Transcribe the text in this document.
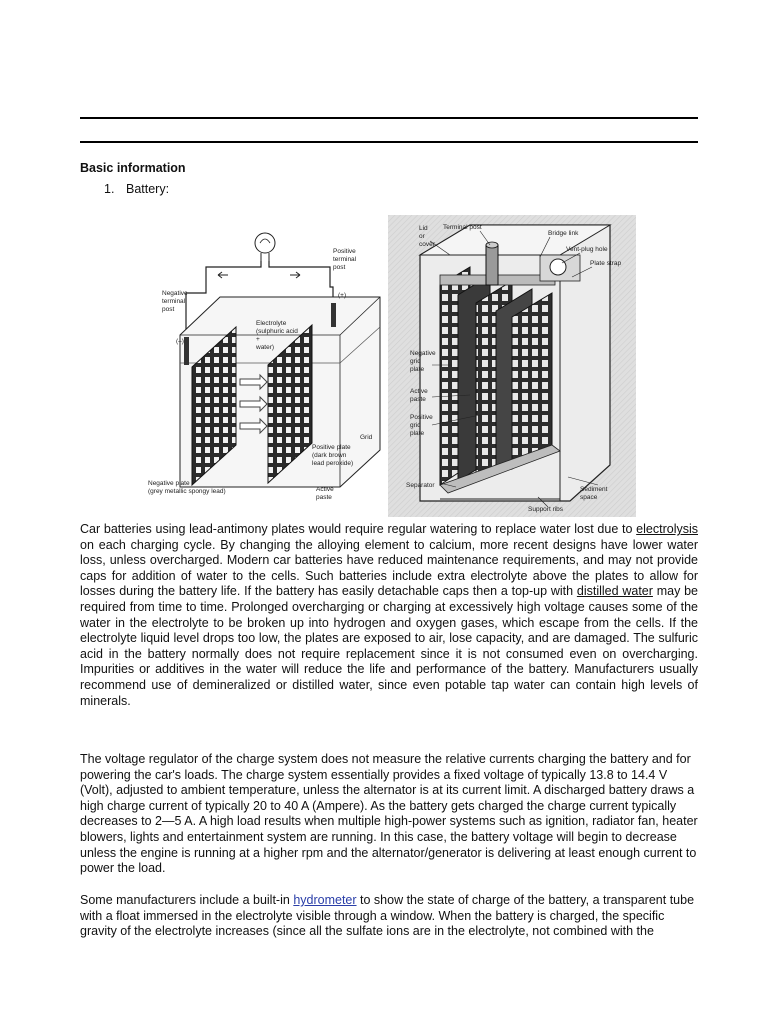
Basic information
1. Battery:
Positive
terminal
post
(+)
Negative
terminal
post
(–)
Electrolyte
(sulphuric acid
+
water)
Grid
Positive plate
(dark brown
lead peroxide)
Negative plate
(grey metallic spongy lead)	Active
paste
Lid
or
cover
Terminal post
Bridge link
Vent-plug hole
Plate strap
Negative
grid
plate
Active
paste
Positive
grid
plate
Separator
Support ribs
Sediment
space

Car batteries using lead-antimony plates would require regular watering to replace water lost due to electrolysis on each charging cycle. By changing the alloying element to calcium, more recent designs have lower water loss, unless overcharged. Modern car batteries have reduced maintenance requirements, and may not provide caps for addition of water to the cells. Such batteries include extra electrolyte above the plates to allow for losses during the battery life. If the battery has easily detachable caps then a top-up with distilled water may be required from time to time. Prolonged overcharging or charging at excessively high voltage causes some of the water in the electrolyte to be broken up into hydrogen and oxygen gases, which escape from the cells. If the electrolyte liquid level drops too low, the plates are exposed to air, lose capacity, and are damaged. The sulfuric acid in the battery normally does not require replacement since it is not consumed even on overcharging. Impurities or additives in the water will reduce the life and performance of the battery. Manufacturers usually recommend use of demineralized or distilled water, since even potable tap water can contain high levels of minerals.

The voltage regulator of the charge system does not measure the relative currents charging the battery and for powering the car's loads. The charge system essentially provides a fixed voltage of typically 13.8 to 14.4 V (Volt), adjusted to ambient temperature, unless the alternator is at its current limit. A discharged battery draws a high charge current of typically 20 to 40 A (Ampere). As the battery gets charged the charge current typically decreases to 2—5 A. A high load results when multiple high-power systems such as ignition, radiator fan, heater blowers, lights and entertainment system are running. In this case, the battery voltage will begin to decrease unless the engine is running at a higher rpm and the alternator/generator is delivering at least enough current to power the load.

Some manufacturers include a built-in hydrometer to show the state of charge of the battery, a transparent tube with a float immersed in the electrolyte visible through a window. When the battery is charged, the specific gravity of the electrolyte increases (since all the sulfate ions are in the electrolyte, not combined with the
